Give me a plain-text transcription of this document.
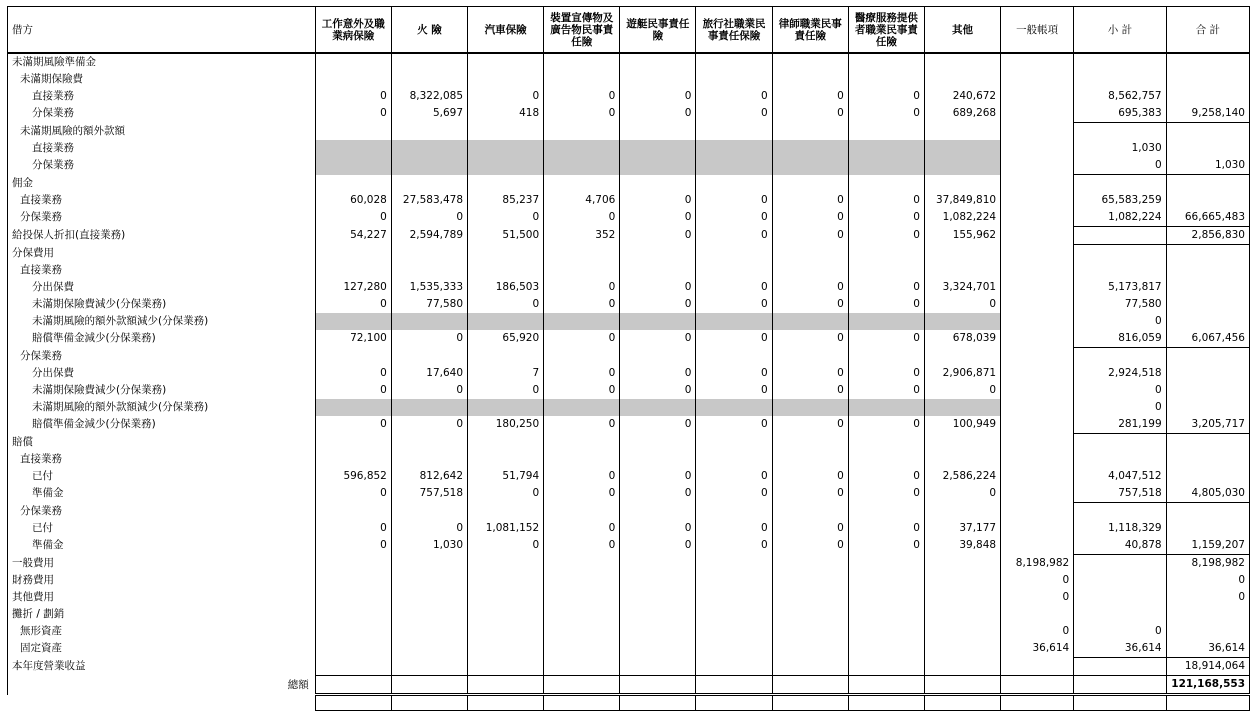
借方	工作意外及職業病保險	火 險	汽車保險	裝置宣傳物及廣告物民事責任險	遊艇民事責任險	旅行社職業民事責任保險	律師職業民事責任險	醫療服務提供者職業民事責任險	其他	一般帳項	小 計	合 計
未滿期風險準備金												
未滿期保險費												
直接業務	0	8,322,085	0	0	0	0	0	0	240,672		8,562,757	
分保業務	0	5,697	418	0	0	0	0	0	689,268		695,383	9,258,140
未滿期風險的額外款額												
直接業務											1,030	
分保業務											0	1,030
佣金												
直接業務	60,028	27,583,478	85,237	4,706	0	0	0	0	37,849,810		65,583,259	
分保業務	0	0	0	0	0	0	0	0	1,082,224		1,082,224	66,665,483
給投保人折扣(直接業務)	54,227	2,594,789	51,500	352	0	0	0	0	155,962			2,856,830
分保費用												
直接業務												
分出保費	127,280	1,535,333	186,503	0	0	0	0	0	3,324,701		5,173,817	
未滿期保險費減少(分保業務)	0	77,580	0	0	0	0	0	0	0		77,580	
未滿期風險的額外款額減少(分保業務)											0	
賠償準備金減少(分保業務)	72,100	0	65,920	0	0	0	0	0	678,039		816,059	6,067,456
分保業務												
分出保費	0	17,640	7	0	0	0	0	0	2,906,871		2,924,518	
未滿期保險費減少(分保業務)	0	0	0	0	0	0	0	0	0		0	
未滿期風險的額外款額減少(分保業務)											0	
賠償準備金減少(分保業務)	0	0	180,250	0	0	0	0	0	100,949		281,199	3,205,717
賠償												
直接業務												
已付	596,852	812,642	51,794	0	0	0	0	0	2,586,224		4,047,512	
準備金	0	757,518	0	0	0	0	0	0	0		757,518	4,805,030
分保業務												
已付	0	0	1,081,152	0	0	0	0	0	37,177		1,118,329	
準備金	0	1,030	0	0	0	0	0	0	39,848		40,878	1,159,207
一般費用										8,198,982		8,198,982
財務費用										0		0
其他費用										0		0
攤折 / 劃銷												
無形資產										0	0	
固定資產										36,614	36,614	36,614
本年度營業收益												18,914,064
總額												121,168,553
